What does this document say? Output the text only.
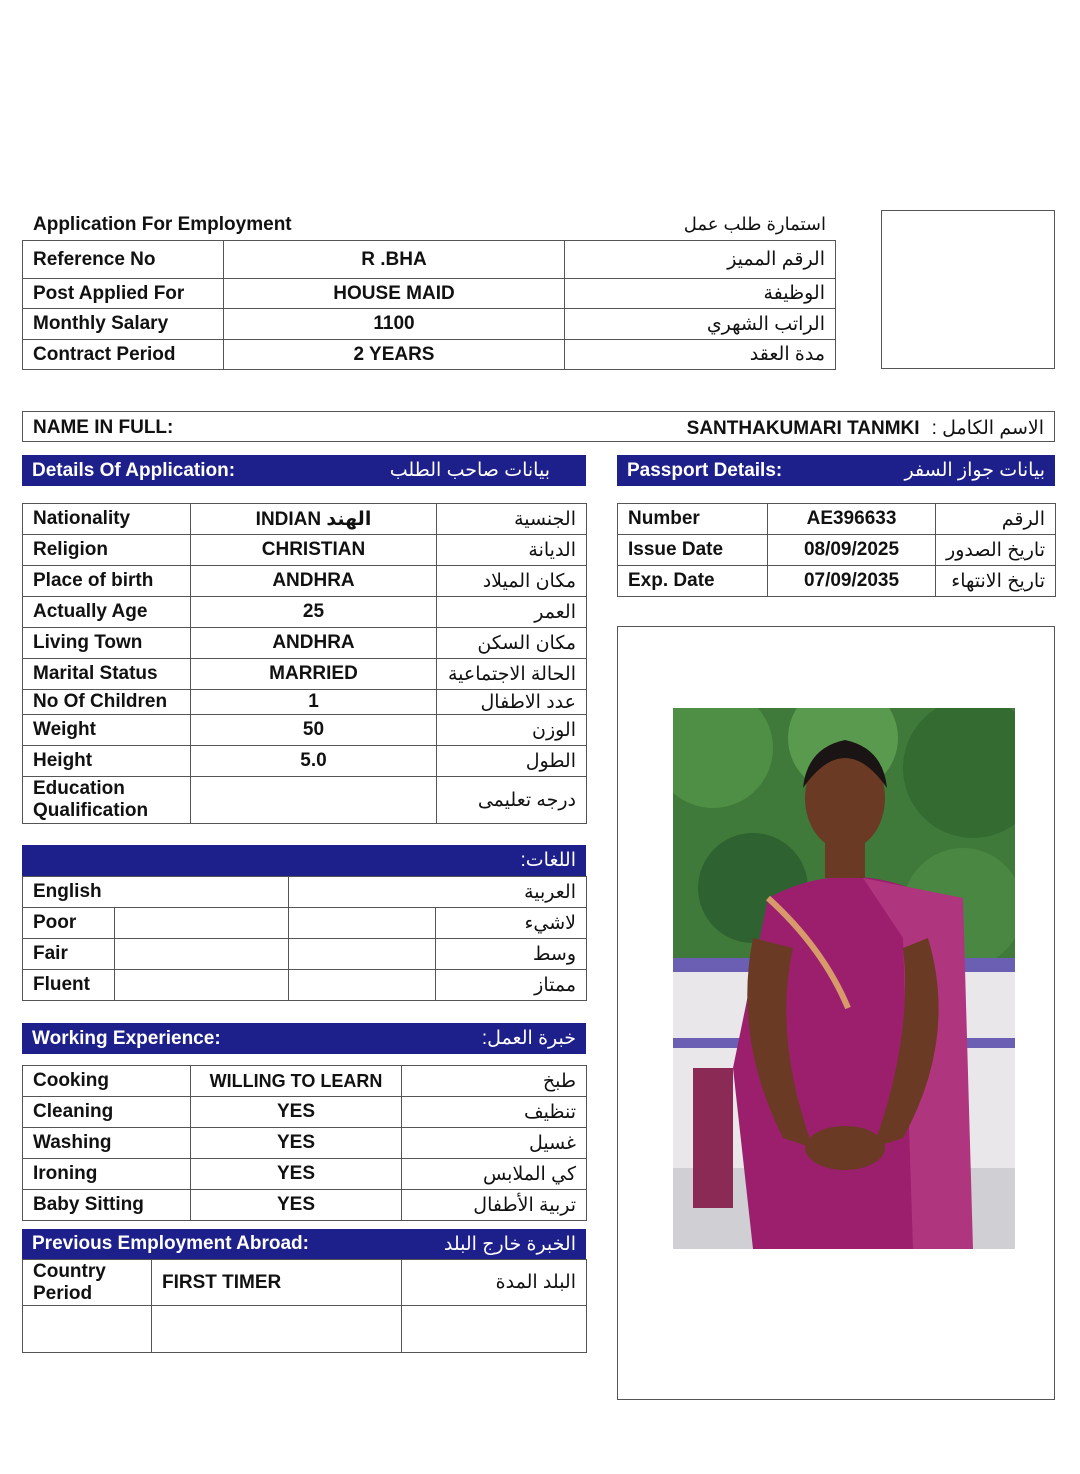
Application For Employment	استمارة طلب عمل
Reference No	R .BHA	الرقم المميز
Post Applied For	HOUSE MAID	الوظيفة
Monthly Salary	1100	الراتب الشهري
Contract Period	2 YEARS	مدة العقد
NAME IN FULL:	SANTHAKUMARI TANMKI الاسم الكامل :
Details Of Application:	بيانات صاحب الطلب	Passport Details:	بيانات جواز السفر
Nationality	INDIAN الهند	الجنسية
Religion	CHRISTIAN	الديانة
Place of birth	ANDHRA	مكان الميلاد
Actually Age	25	العمر
Living Town	ANDHRA	مكان السكن
Marital Status	MARRIED	الحالة الاجتماعية
No Of Children	1	عدد الاطفال
Weight	50	الوزن
Height	5.0	الطول
Education Qualification		درجه تعليمى
Number	AE396633	الرقم
Issue Date	08/09/2025	تاريخ الصدور
Exp. Date	07/09/2035	تاريخ الانتهاء
اللغات:
English		العربية	
Poor			لاشيء
Fair			وسط
Fluent			ممتاز
Working Experience:	خبرة العمل:
Cooking	WILLING TO LEARN	طبخ
Cleaning	YES	تنظيف
Washing	YES	غسيل
Ironing	YES	كي الملابس
Baby Sitting	YES	تربية الأطفال
Previous Employment Abroad:	الخبرة خارج البلد
Country Period	FIRST TIMER	البلد المدة
